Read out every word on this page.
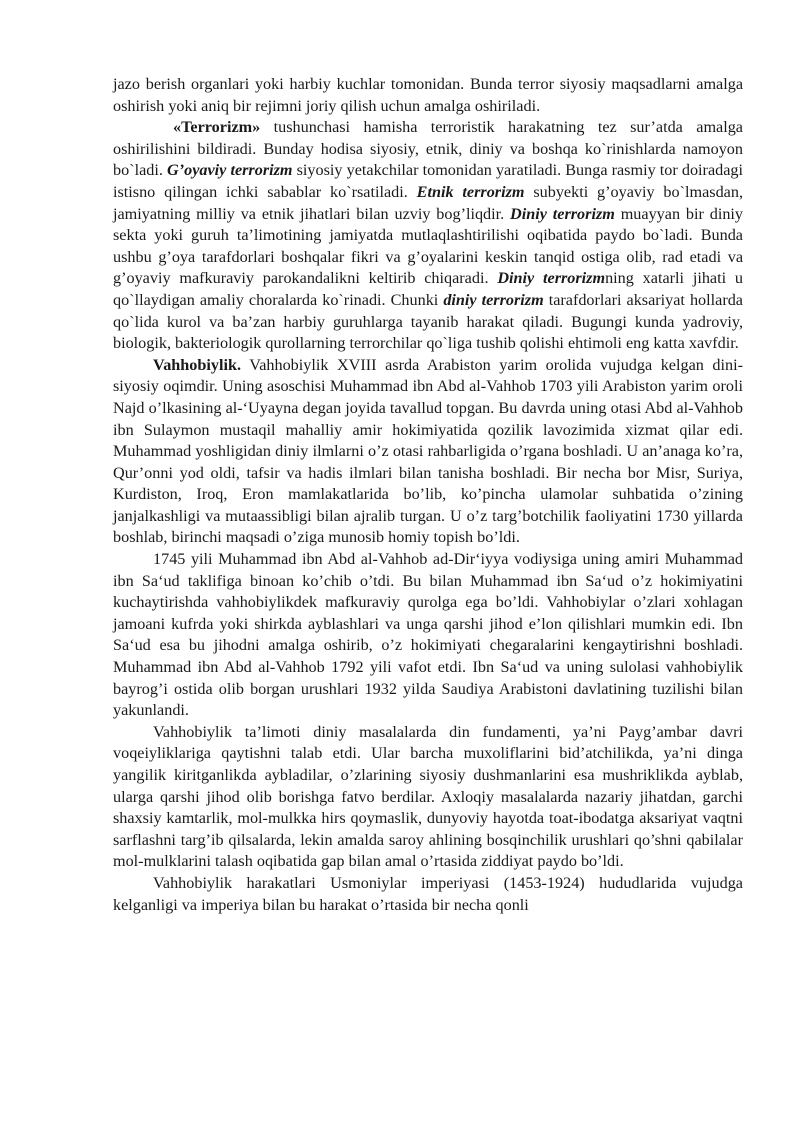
jazo berish organlari yoki harbiy kuchlar tomonidan. Bunda terror siyosiy maqsadlarni amalga oshirish yoki aniq bir rejimni joriy qilish uchun amalga oshiriladi.

«Terrorizm» tushunchasi hamisha terroristik harakatning tez sur’atda amalga oshirilishini bildiradi. Bunday hodisa siyosiy, etnik, diniy va boshqa ko`rinishlarda namoyon bo`ladi. G’oyaviy terrorizm siyosiy yetakchilar tomonidan yaratiladi. Bunga rasmiy tor doiradagi istisno qilingan ichki sabablar ko`rsatiladi. Etnik terrorizm subyekti g’oyaviy bo`lmasdan, jamiyatning milliy va etnik jihatlari bilan uzviy bog’liqdir. Diniy terrorizm muayyan bir diniy sekta yoki guruh ta’limotining jamiyatda mutlaqlashtirilishi oqibatida paydo bo`ladi. Bunda ushbu g’oya tarafdorlari boshqalar fikri va g’oyalarini keskin tanqid ostiga olib, rad etadi va g’oyaviy mafkuraviy parokandalikni keltirib chiqaradi. Diniy terrorizmning xatarli jihati u qo`llaydigan amaliy choralarda ko`rinadi. Chunki diniy terrorizm tarafdorlari aksariyat hollarda qo`lida kurol va ba’zan harbiy guruhlarga tayanib harakat qiladi. Bugungi kunda yadroviy, biologik, bakteriologik qurollarning terrorchilar qo`liga tushib qolishi ehtimoli eng katta xavfdir.

Vahhobiylik. Vahhobiylik XVIII asrda Arabiston yarim orolida vujudga kelgan dini-siyosiy oqimdir. Uning asoschisi Muhammad ibn Abd al-Vahhob 1703 yili Arabiston yarim oroli Najd o’lkasining al-‘Uyayna degan joyida tavallud topgan. Bu davrda uning otasi Abd al-Vahhob ibn Sulaymon mustaqil mahalliy amir hokimiyatida qozilik lavozimida xizmat qilar edi. Muhammad yoshligidan diniy ilmlarni o’z otasi rahbarligida o’rgana boshladi. U an’anaga ko’ra, Qur’onni yod oldi, tafsir va hadis ilmlari bilan tanisha boshladi. Bir necha bor Misr, Suriya, Kurdiston, Iroq, Eron mamlakatlarida bo’lib, ko’pincha ulamolar suhbatida o’zining janjalkashligi va mutaassibligi bilan ajralib turgan. U o’z targ’botchilik faoliyatini 1730 yillarda boshlab, birinchi maqsadi o’ziga munosib homiy topish bo’ldi.

1745 yili Muhammad ibn Abd al-Vahhob ad-Dir‘iyya vodiysiga uning amiri Muhammad ibn Sa‘ud taklifiga binoan ko’chib o’tdi. Bu bilan Muhammad ibn Sa‘ud o’z hokimiyatini kuchaytirishda vahhobiylikdek mafkuraviy qurolga ega bo’ldi. Vahhobiylar o’zlari xohlagan jamoani kufrda yoki shirkda ayblashlari va unga qarshi jihod e’lon qilishlari mumkin edi. Ibn Sa‘ud esa bu jihodni amalga oshirib, o’z hokimiyati chegaralarini kengaytirishni boshladi. Muhammad ibn Abd al-Vahhob 1792 yili vafot etdi. Ibn Sa‘ud va uning sulolasi vahhobiylik bayrog’i ostida olib borgan urushlari 1932 yilda Saudiya Arabistoni davlatining tuzilishi bilan yakunlandi.

Vahhobiylik ta’limoti diniy masalalarda din fundamenti, ya’ni Payg’ambar davri voqeiyliklariga qaytishni talab etdi. Ular barcha muxoliflarini bid’atchilikda, ya’ni dinga yangilik kiritganlikda aybladilar, o’zlarining siyosiy dushmanlarini esa mushriklikda ayblab, ularga qarshi jihod olib borishga fatvo berdilar. Axloqiy masalalarda nazariy jihatdan, garchi shaxsiy kamtarlik, mol-mulkka hirs qoymaslik, dunyoviy hayotda toat-ibodatga aksariyat vaqtni sarflashni targ’ib qilsalarda, lekin amalda saroy ahlining bosqinchilik urushlari qo’shni qabilalar mol-mulklarini talash oqibatida gap bilan amal o’rtasida ziddiyat paydo bo’ldi.

Vahhobiylik harakatlari Usmoniylar imperiyasi (1453-1924) hududlarida vujudga kelganligi va imperiya bilan bu harakat o’rtasida bir necha qonli
